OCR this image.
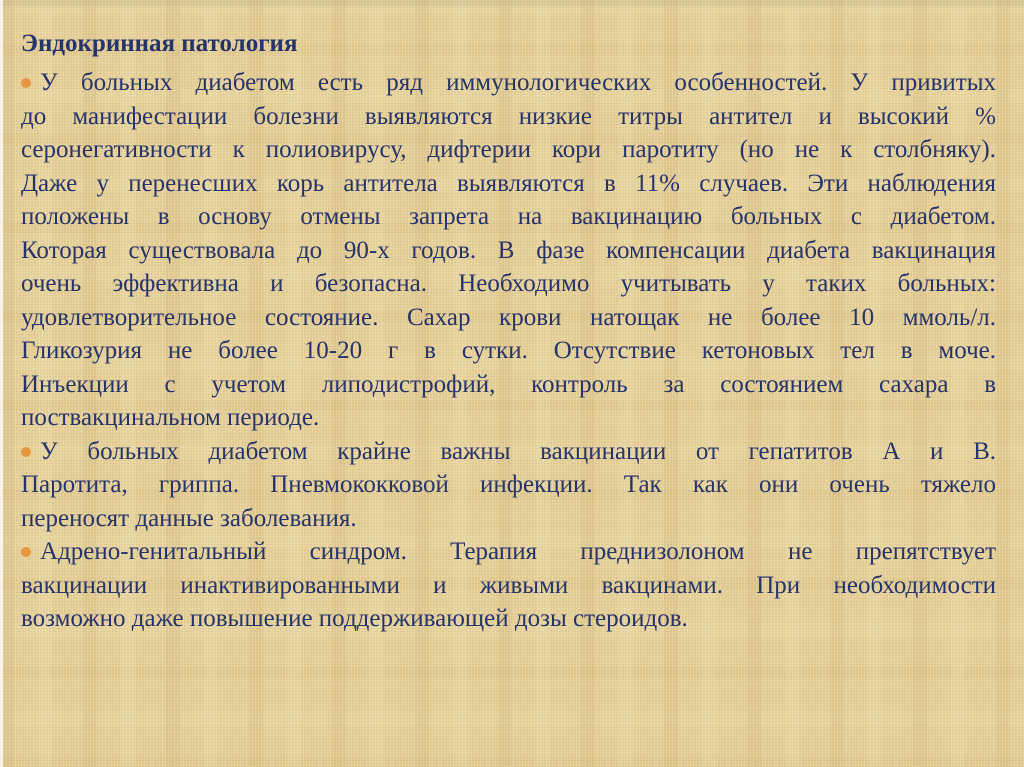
Эндокринная патология
У больных диабетом есть ряд иммунологических особенностей. У привитых
до манифестации болезни выявляются низкие титры антител и высокий %
серонегативности к полиовирусу, дифтерии кори паротиту (но не к столбняку).
Даже у перенесших корь антитела выявляются в 11% случаев. Эти наблюдения
положены в основу отмены запрета на вакцинацию больных с диабетом.
Которая существовала до 90-х годов. В фазе компенсации диабета вакцинация
очень эффективна и безопасна. Необходимо учитывать у таких больных:
удовлетворительное состояние. Сахар крови натощак не более 10 ммоль/л.
Гликозурия не более 10-20 г в сутки. Отсутствие кетоновых тел в моче.
Инъекции с учетом липодистрофий, контроль за состоянием сахара в
поствакцинальном периоде.
У больных диабетом крайне важны вакцинации от гепатитов А и В.
Паротита, гриппа. Пневмококковой инфекции. Так как они очень тяжело
переносят данные заболевания.
Адрено-генитальный синдром. Терапия преднизолоном не препятствует
вакцинации инактивированными и живыми вакцинами. При необходимости
возможно даже повышение поддерживающей дозы стероидов.
